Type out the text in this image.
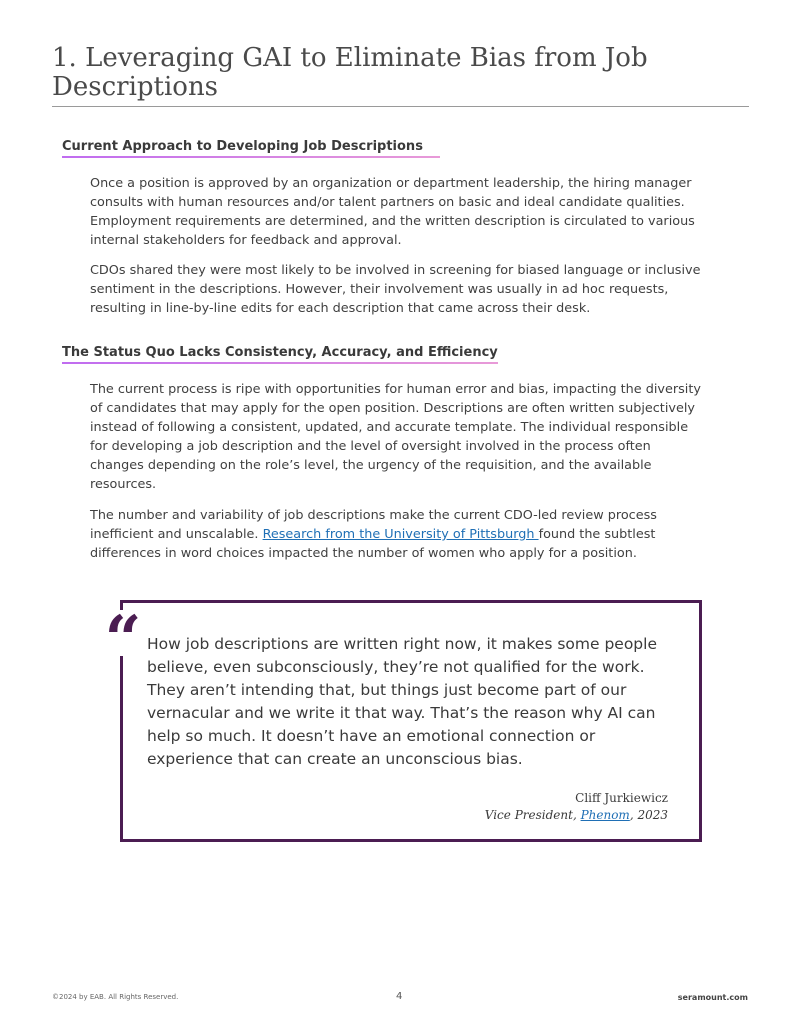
1. Leveraging GAI to Eliminate Bias from Job Descriptions
Current Approach to Developing Job Descriptions

Once a position is approved by an organization or department leadership, the hiring manager consults with human resources and/or talent partners on basic and ideal candidate qualities. Employment requirements are determined, and the written description is circulated to various internal stakeholders for feedback and approval.

CDOs shared they were most likely to be involved in screening for biased language or inclusive sentiment in the descriptions. However, their involvement was usually in ad hoc requests, resulting in line-by-line edits for each description that came across their desk.

The Status Quo Lacks Consistency, Accuracy, and Efficiency

The current process is ripe with opportunities for human error and bias, impacting the diversity of candidates that may apply for the open position. Descriptions are often written subjectively instead of following a consistent, updated, and accurate template. The individual responsible for developing a job description and the level of oversight involved in the process often changes depending on the role’s level, the urgency of the requisition, and the available resources.

The number and variability of job descriptions make the current CDO-led review process inefficient and unscalable. Research from the University of Pittsburgh found the subtlest differences in word choices impacted the number of women who apply for a position.

“ How job descriptions are written right now, it makes some people believe, even subconsciously, they’re not qualified for the work. They aren’t intending that, but things just become part of our vernacular and we write it that way. That’s the reason why AI can help so much. It doesn’t have an emotional connection or experience that can create an unconscious bias.

Cliff Jurkiewicz
Vice President, Phenom, 2023
©2024 by EAB. All Rights Reserved.	4	seramount.com
